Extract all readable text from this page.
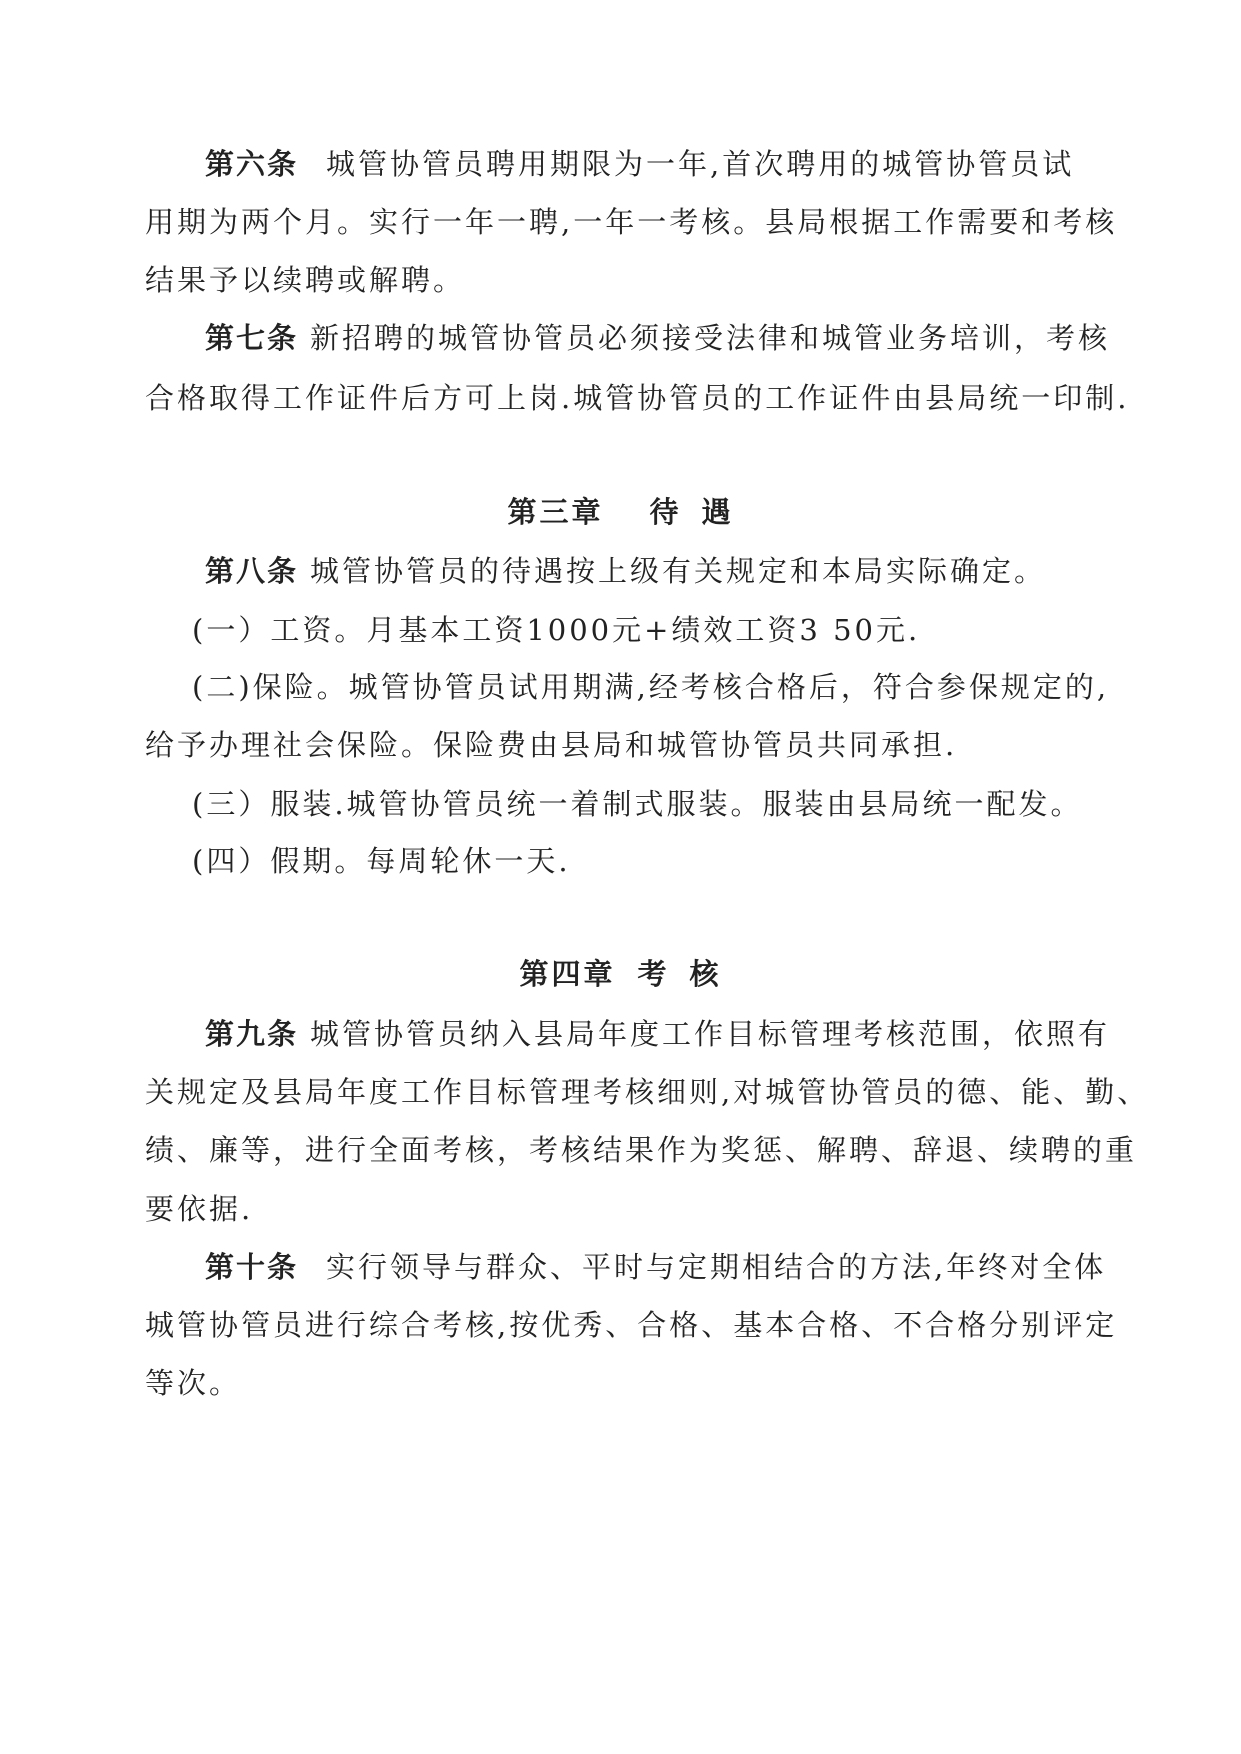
第六条 城管协管员聘用期限为一年,首次聘用的城管协管员试
用期为两个月。实行一年一聘,一年一考核。县局根据工作需要和考核
结果予以续聘或解聘。
第七条 新招聘的城管协管员必须接受法律和城管业务培训，考核
合格取得工作证件后方可上岗.城管协管员的工作证件由县局统一印制.
第三章 待 遇
第八条 城管协管员的待遇按上级有关规定和本局实际确定。
(一）工资。月基本工资1000元+绩效工资3 50元.
(二)保险。城管协管员试用期满,经考核合格后，符合参保规定的,
给予办理社会保险。保险费由县局和城管协管员共同承担.
(三）服装.城管协管员统一着制式服装。服装由县局统一配发。
(四）假期。每周轮休一天.
第四章 考 核
第九条 城管协管员纳入县局年度工作目标管理考核范围，依照有
关规定及县局年度工作目标管理考核细则,对城管协管员的德、能、勤、
绩、廉等，进行全面考核，考核结果作为奖惩、解聘、辞退、续聘的重
要依据.
第十条 实行领导与群众、平时与定期相结合的方法,年终对全体
城管协管员进行综合考核,按优秀、合格、基本合格、不合格分别评定
等次。
